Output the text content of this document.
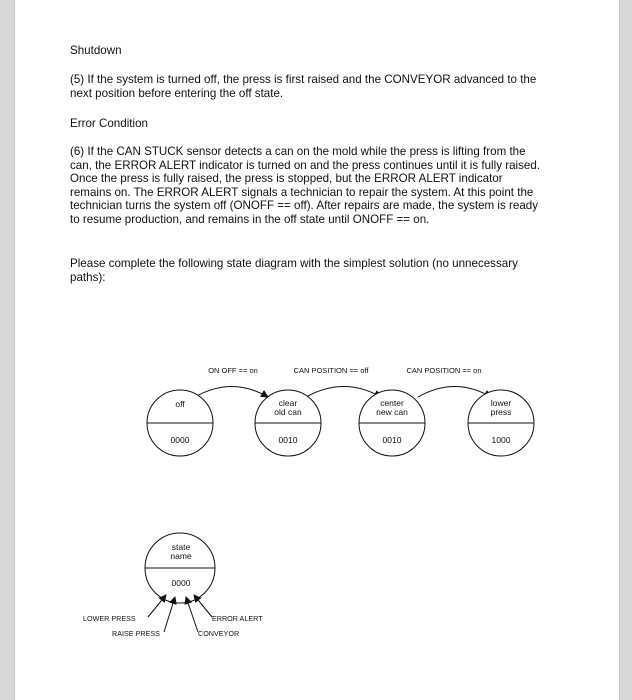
Shutdown
(5) If the system is turned off, the press is first raised and the CONVEYOR advanced to the next position before entering the off state.
Error Condition
(6) If the CAN STUCK sensor detects a can on the mold while the press is lifting from the can, the ERROR ALERT indicator is turned on and the press continues until it is fully raised. Once the press is fully raised, the press is stopped, but the ERROR ALERT indicator remains on. The ERROR ALERT signals a technician to repair the system. At this point the technician turns the system off (ONOFF == off). After repairs are made, the system is ready to resume production, and remains in the off state until ONOFF == on.
Please complete the following state diagram with the simplest solution (no unnecessary paths):
ON OFF == on	CAN POSITION == off	CAN POSITION == on
off
0000
clear
old can
0010
center
new can
0010
lower
press
1000
state
name
0000
LOWER PRESS
RAISE PRESS
ERROR ALERT
CONVEYOR
